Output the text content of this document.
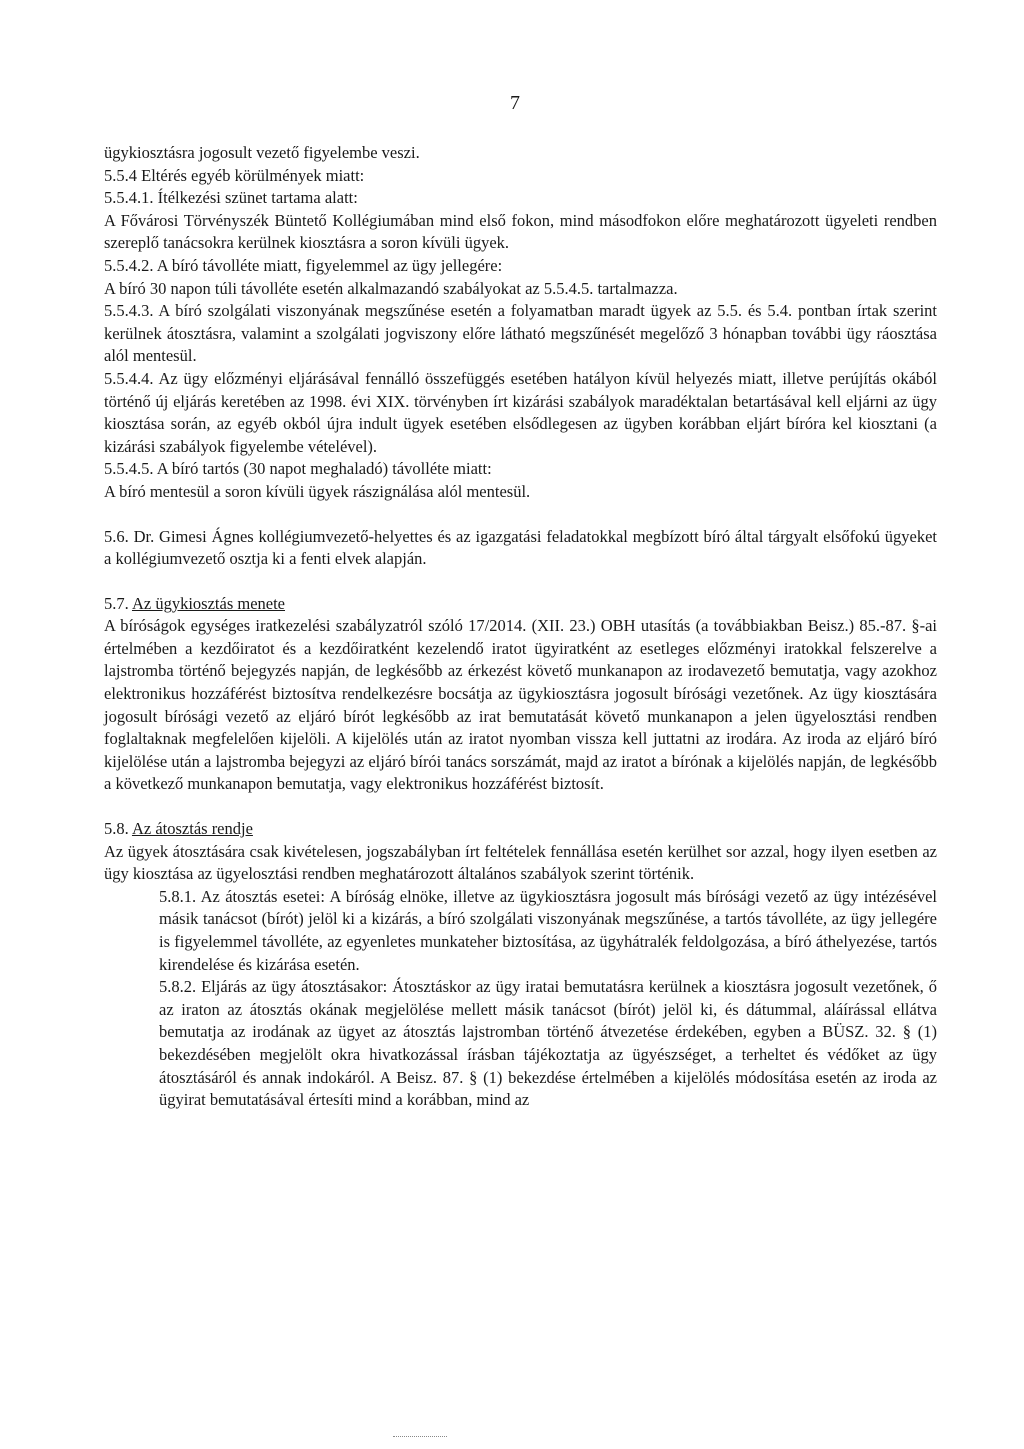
7

ügykiosztásra jogosult vezető figyelembe veszi.

5.5.4 Eltérés egyéb körülmények miatt:

5.5.4.1. Ítélkezési szünet tartama alatt:

A Fővárosi Törvényszék Büntető Kollégiumában mind első fokon, mind másodfokon előre meghatározott ügyeleti rendben szereplő tanácsokra kerülnek kiosztásra a soron kívüli ügyek.

5.5.4.2. A bíró távolléte miatt, figyelemmel az ügy jellegére:

A bíró 30 napon túli távolléte esetén alkalmazandó szabályokat az 5.5.4.5. tartalmazza.

5.5.4.3. A bíró szolgálati viszonyának megszűnése esetén a folyamatban maradt ügyek az 5.5. és 5.4. pontban írtak szerint kerülnek átosztásra, valamint a szolgálati jogviszony előre látható megszűnését megelőző 3 hónapban további ügy ráosztása alól mentesül.

5.5.4.4. Az ügy előzményi eljárásával fennálló összefüggés esetében hatályon kívül helyezés miatt, illetve perújítás okából történő új eljárás keretében az 1998. évi XIX. törvényben írt kizárási szabályok maradéktalan betartásával kell eljárni az ügy kiosztása során, az egyéb okból újra indult ügyek esetében elsődlegesen az ügyben korábban eljárt bíróra kel kiosztani (a kizárási szabályok figyelembe vételével).

5.5.4.5. A bíró tartós (30 napot meghaladó) távolléte miatt:

A bíró mentesül a soron kívüli ügyek rászignálása alól mentesül.

5.6. Dr. Gimesi Ágnes kollégiumvezető-helyettes és az igazgatási feladatokkal megbízott bíró által tárgyalt elsőfokú ügyeket a kollégiumvezető osztja ki a fenti elvek alapján.

5.7. Az ügykiosztás menete

A bíróságok egységes iratkezelési szabályzatról szóló 17/2014. (XII. 23.) OBH utasítás (a továbbiakban Beisz.) 85.-87. §-ai értelmében a kezdőiratot és a kezdőiratként kezelendő iratot ügyiratként az esetleges előzményi iratokkal felszerelve a lajstromba történő bejegyzés napján, de legkésőbb az érkezést követő munkanapon az irodavezető bemutatja, vagy azokhoz elektronikus hozzáférést biztosítva rendelkezésre bocsátja az ügykiosztásra jogosult bírósági vezetőnek. Az ügy kiosztására jogosult bírósági vezető az eljáró bírót legkésőbb az irat bemutatását követő munkanapon a jelen ügyelosztási rendben foglaltaknak megfelelően kijelöli. A kijelölés után az iratot nyomban vissza kell juttatni az irodára. Az iroda az eljáró bíró kijelölése után a lajstromba bejegyzi az eljáró bírói tanács sorszámát, majd az iratot a bírónak a kijelölés napján, de legkésőbb a következő munkanapon bemutatja, vagy elektronikus hozzáférést biztosít.

5.8. Az átosztás rendje

Az ügyek átosztására csak kivételesen, jogszabályban írt feltételek fennállása esetén kerülhet sor azzal, hogy ilyen esetben az ügy kiosztása az ügyelosztási rendben meghatározott általános szabályok szerint történik.

5.8.1. Az átosztás esetei: A bíróság elnöke, illetve az ügykiosztásra jogosult más bírósági vezető az ügy intézésével másik tanácsot (bírót) jelöl ki a kizárás, a bíró szolgálati viszonyának megszűnése, a tartós távolléte, az ügy jellegére is figyelemmel távolléte, az egyenletes munkateher biztosítása, az ügyhátralék feldolgozása, a bíró áthelyezése, tartós kirendelése és kizárása esetén.

5.8.2. Eljárás az ügy átosztásakor: Átosztáskor az ügy iratai bemutatásra kerülnek a kiosztásra jogosult vezetőnek, ő az iraton az átosztás okának megjelölése mellett másik tanácsot (bírót) jelöl ki, és dátummal, aláírással ellátva bemutatja az irodának az ügyet az átosztás lajstromban történő átvezetése érdekében, egyben a BÜSZ. 32. § (1) bekezdésében megjelölt okra hivatkozással írásban tájékoztatja az ügyészséget, a terheltet és védőket az ügy átosztásáról és annak indokáról. A Beisz. 87. § (1) bekezdése értelmében a kijelölés módosítása esetén az iroda az ügyirat bemutatásával értesíti mind a korábban, mind az
